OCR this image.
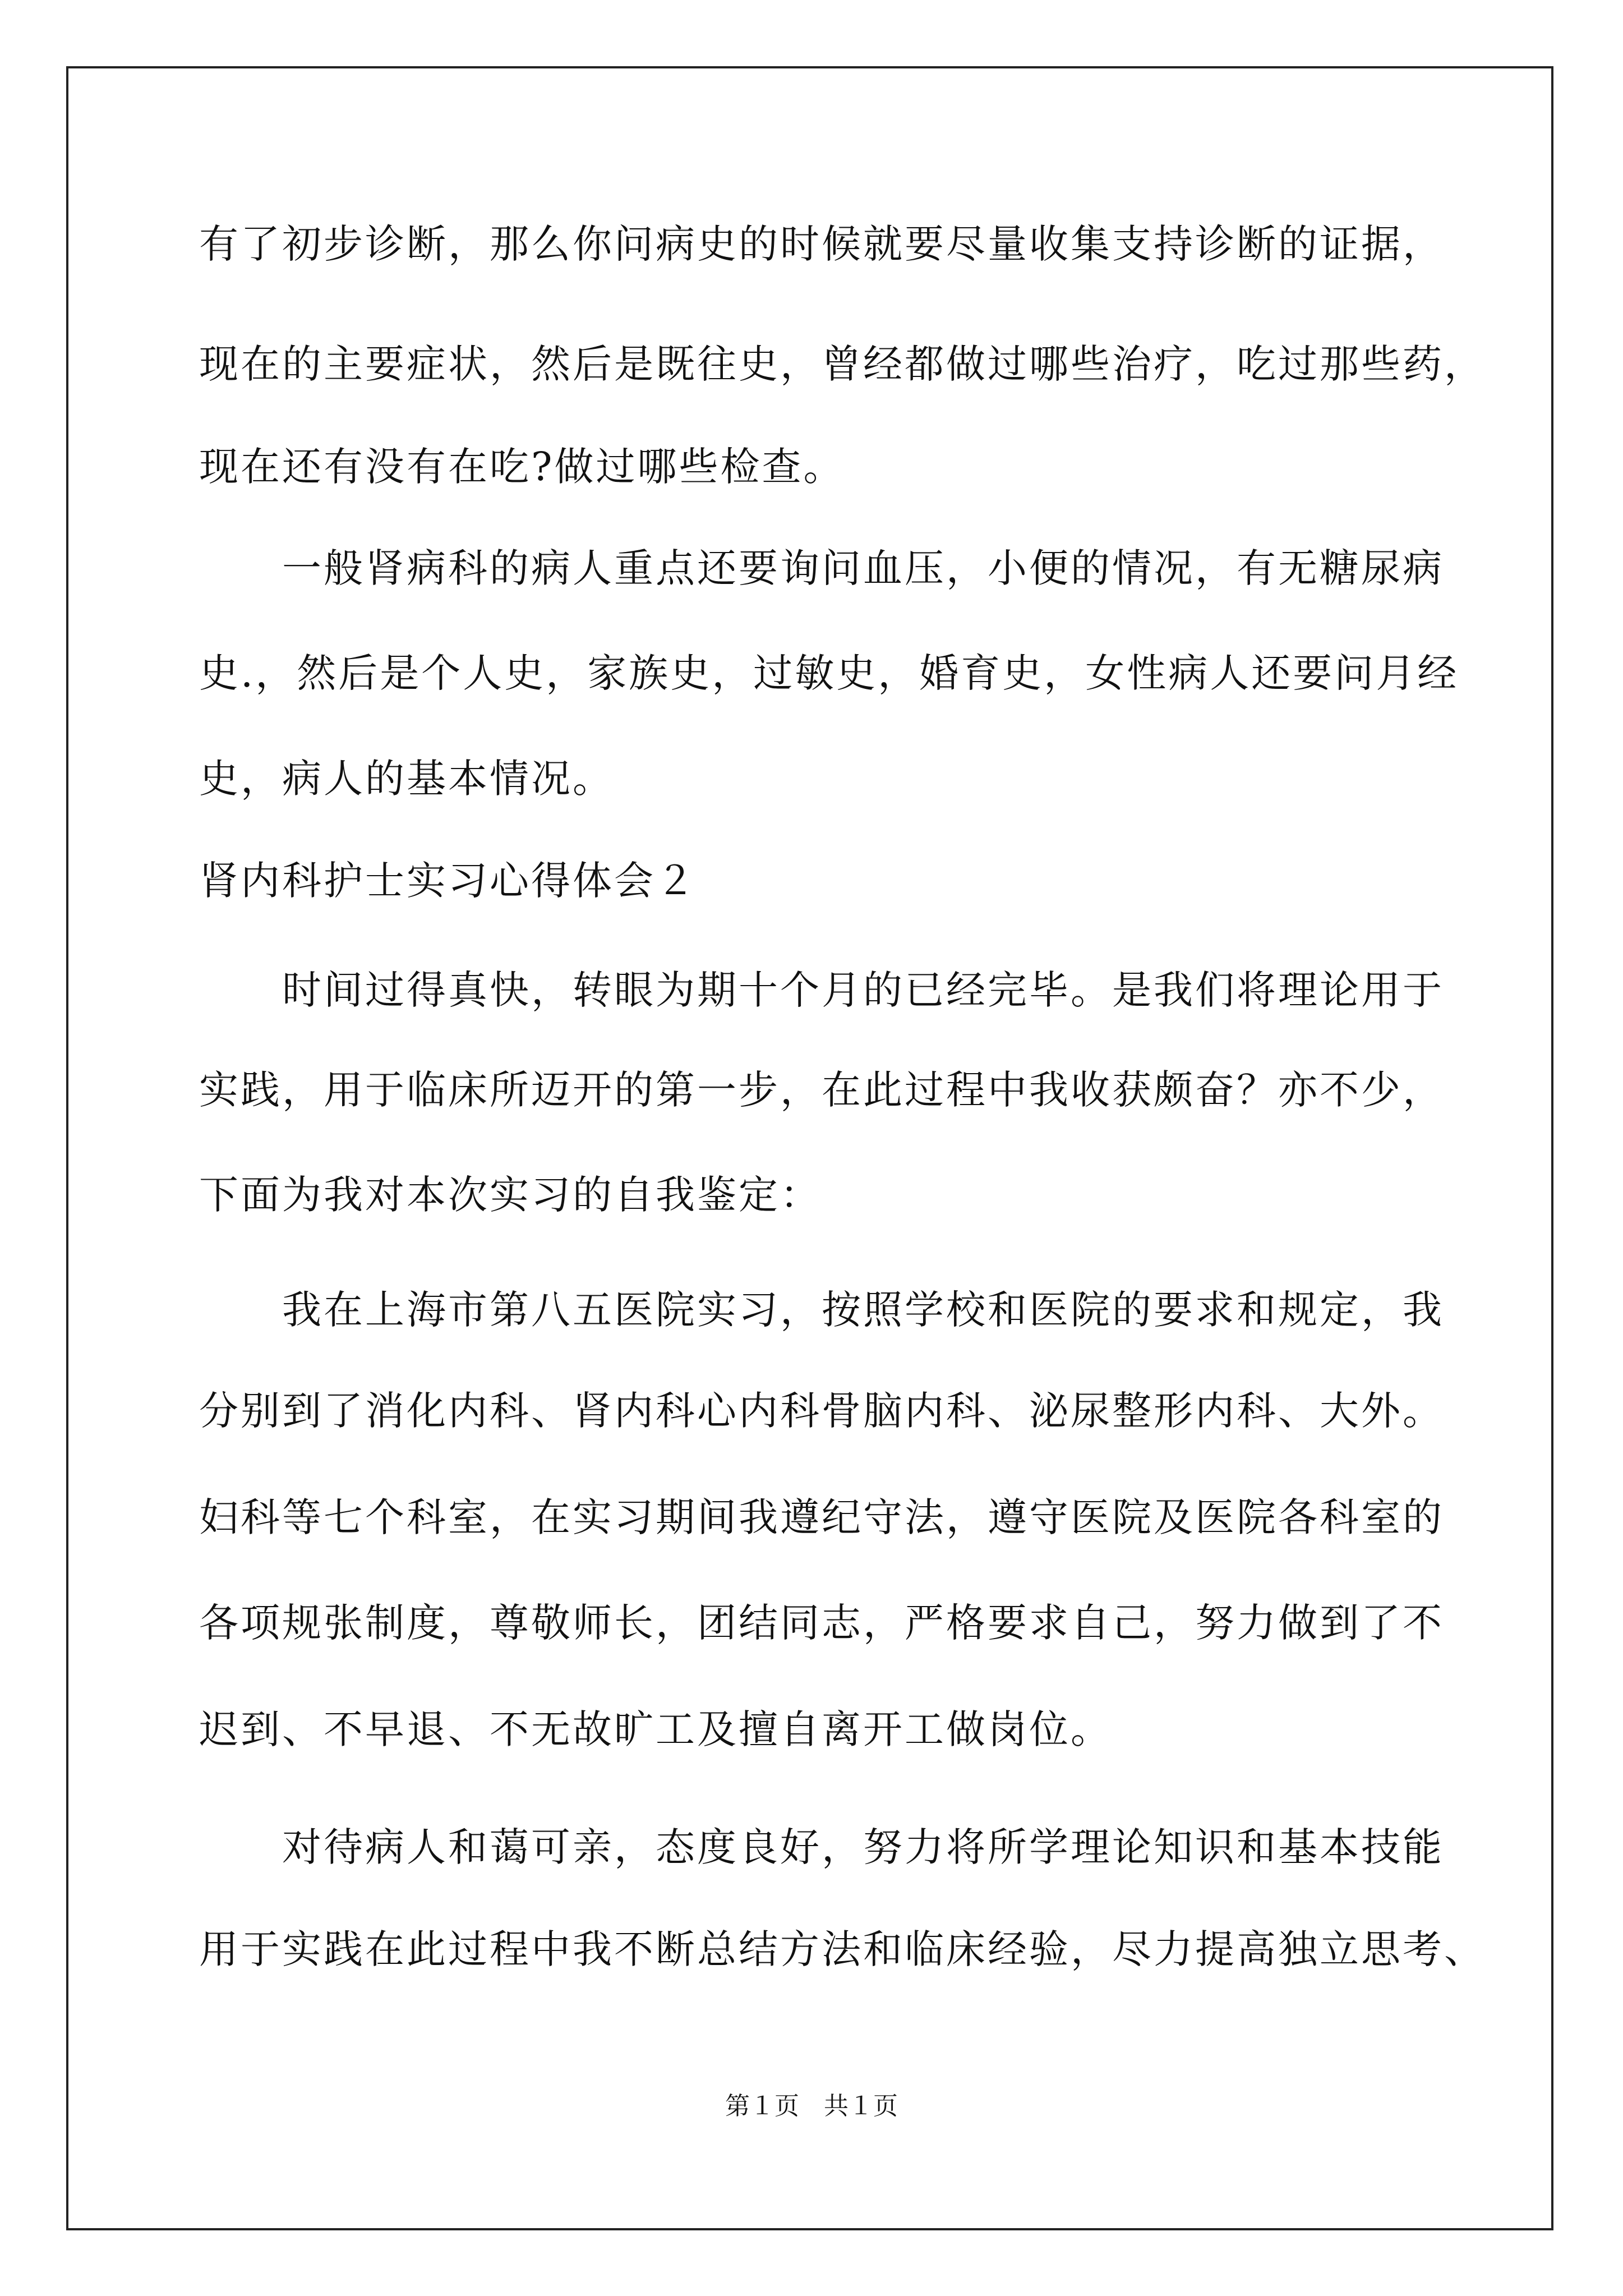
有了初步诊断，那么你问病史的时候就要尽量收集支持诊断的证据，
现在的主要症状，然后是既往史，曾经都做过哪些治疗，吃过那些药，
现在还有没有在吃?做过哪些检查。
　　一般肾病科的病人重点还要询问血压，小便的情况，有无糖尿病
史.，然后是个人史，家族史，过敏史，婚育史，女性病人还要问月经
史，病人的基本情况。
肾内科护士实习心得体会２
　　时间过得真快，转眼为期十个月的已经完毕。是我们将理论用于
实践，用于临床所迈开的第一步，在此过程中我收获颇奋？亦不少，
下面为我对本次实习的自我鉴定：
　　我在上海市第八五医院实习，按照学校和医院的要求和规定，我
分别到了消化内科、肾内科心内科骨脑内科、泌尿整形内科、大外。
妇科等七个科室，在实习期间我遵纪守法，遵守医院及医院各科室的
各项规张制度，尊敬师长，团结同志，严格要求自己，努力做到了不
迟到、不早退、不无故旷工及擅自离开工做岗位。
　　对待病人和蔼可亲，态度良好，努力将所学理论知识和基本技能
用于实践在此过程中我不断总结方法和临床经验，尽力提高独立思考、
第１页　共１页
